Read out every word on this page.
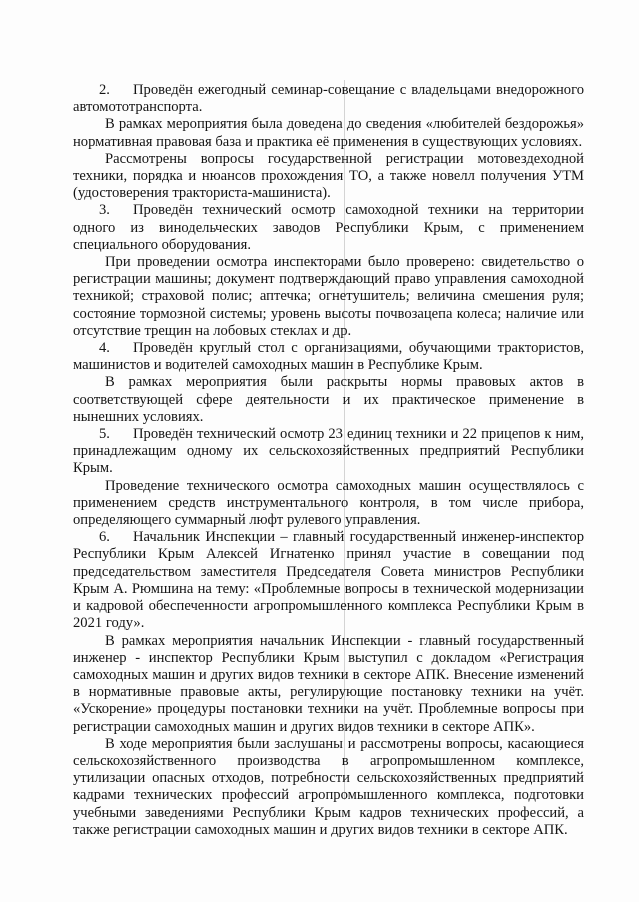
2. Проведён ежегодный семинар-совещание с владельцами внедорожного автомототранспорта.

В рамках мероприятия была доведена до сведения «любителей бездорожья» нормативная правовая база и практика её применения в существующих условиях.

Рассмотрены вопросы государственной регистрации мотовездеходной техники, порядка и нюансов прохождения ТО, а также новелл получения УТМ (удостоверения тракториста-машиниста).

3. Проведён технический осмотр самоходной техники на территории одного из винодельческих заводов Республики Крым, с применением специального оборудования.

При проведении осмотра инспекторами было проверено: свидетельство о регистрации машины; документ подтверждающий право управления самоходной техникой; страховой полис; аптечка; огнетушитель; величина смешения руля; состояние тормозной системы; уровень высоты почвозацепа колеса; наличие или отсутствие трещин на лобовых стеклах и др.

4. Проведён круглый стол с организациями, обучающими трактористов, машинистов и водителей самоходных машин в Республике Крым.

В рамках мероприятия были раскрыты нормы правовых актов в соответствующей сфере деятельности и их практическое применение в нынешних условиях.

5. Проведён технический осмотр 23 единиц техники и 22 прицепов к ним, принадлежащим одному их сельскохозяйственных предприятий Республики Крым.

Проведение технического осмотра самоходных машин осуществлялось с применением средств инструментального контроля, в том числе прибора, определяющего суммарный люфт рулевого управления.

6. Начальник Инспекции – главный государственный инженер-инспектор Республики Крым Алексей Игнатенко принял участие в совещании под председательством заместителя Председателя Совета министров Республики Крым А. Рюмшина на тему: «Проблемные вопросы в технической модернизации и кадровой обеспеченности агропромышленного комплекса Республики Крым в 2021 году».

В рамках мероприятия начальник Инспекции - главный государственный инженер - инспектор Республики Крым выступил с докладом «Регистрация самоходных машин и других видов техники в секторе АПК. Внесение изменений в нормативные правовые акты, регулирующие постановку техники на учёт. «Ускорение» процедуры постановки техники на учёт. Проблемные вопросы при регистрации самоходных машин и других видов техники в секторе АПК».

В ходе мероприятия были заслушаны и рассмотрены вопросы, касающиеся сельскохозяйственного производства в агропромышленном комплексе, утилизации опасных отходов, потребности сельскохозяйственных предприятий кадрами технических профессий агропромышленного комплекса, подготовки учебными заведениями Республики Крым кадров технических профессий, а также регистрации самоходных машин и других видов техники в секторе АПК.
